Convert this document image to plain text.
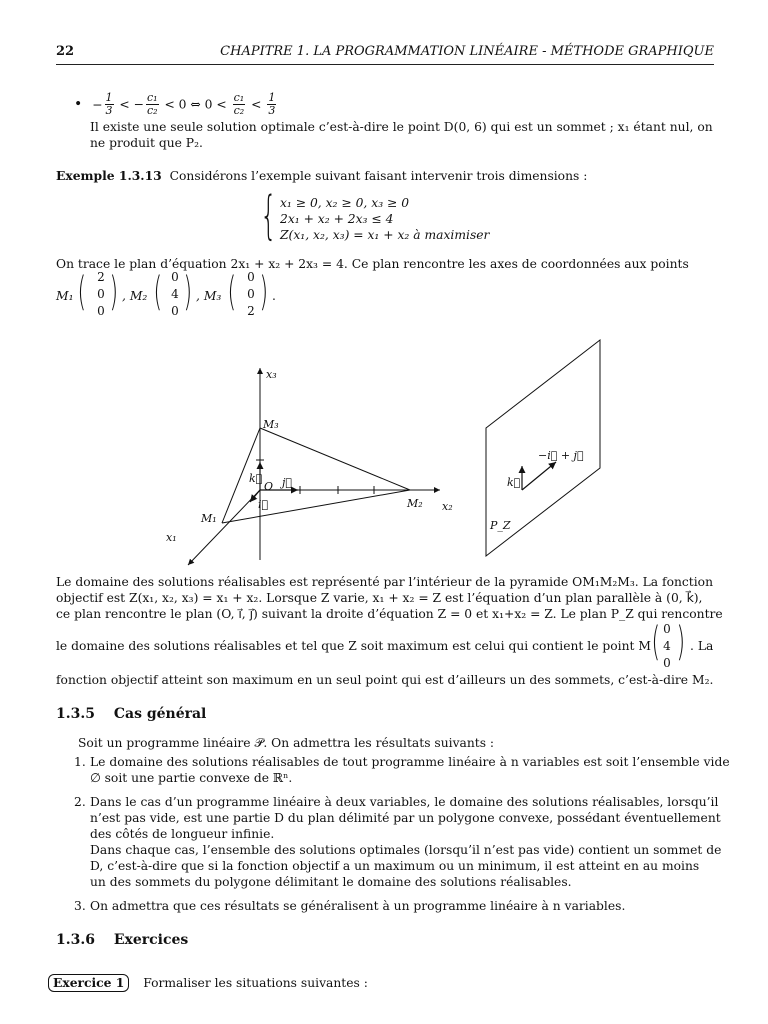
22	CHAPITRE 1. LA PROGRAMMATION LINÉAIRE - MÉTHODE GRAPHIQUE
• − $\frac{1}{3}$ < − $\frac{\text{c₁}}{\text{c₂}} < 0$ ⇔ $0 < \frac{\text{c₁}}{\text{c₂}} < \frac{1}{3}$
Il existe une seule solution optimale c’est-à-dire le point D(0, 6) qui est un sommet ; x₁ étant nul, on
ne produit que P₂.
Exemple 1.3.13 Considérons l’exemple suivant faisant intervenir trois dimensions :
{ x₁ ≥ 0, x₂ ≥ 0, x₃ ≥ 0
2x₁ + x₂ + 2x₃ ≤ 4
Z(x₁, x₂, x₃) = x₁ + x₂ à maximiser
On trace le plan d’équation 2x₁ + x₂ + 2x₃ = 4. Ce plan rencontre les axes de coordonnées aux points
M₁ ( 2
0
0 ) , M₂ ( 0
4
0 ) , M₃ ( 0
0
2 ) .
x₃
M₃
k⃗
O j⃗
i⃗
M₁
x₁
M₂ x₂
−i⃗ + j⃗
k⃗
P_Z
Le domaine des solutions réalisables est représenté par l’intérieur de la pyramide OM₁M₂M₃. La fonction
objectif est Z(x₁, x₂, x₃) = x₁ + x₂. Lorsque Z varie, x₁ + x₂ = Z est l’équation d’un plan parallèle à (0, k⃗),
ce plan rencontre le plan (O, i⃗, j⃗) suivant la droite d’équation Z = 0 et x₁+x₂ = Z. Le plan P_Z qui rencontre
le domaine des solutions réalisables et tel que Z soit maximum est celui qui contient le point M ( 0
4
0 ) . La
fonction objectif atteint son maximum en un seul point qui est d’ailleurs un des sommets, c’est-à-dire M₂.
1.3.5 Cas général
Soit un programme linéaire 𝒫. On admettra les résultats suivants :
1. Le domaine des solutions réalisables de tout programme linéaire à n variables est soit l’ensemble vide
∅ soit une partie convexe de ℝⁿ.
2. Dans le cas d’un programme linéaire à deux variables, le domaine des solutions réalisables, lorsqu’il
n’est pas vide, est une partie D du plan délimité par un polygone convexe, possédant éventuellement
des côtés de longueur infinie.
Dans chaque cas, l’ensemble des solutions optimales (lorsqu’il n’est pas vide) contient un sommet de
D, c’est-à-dire que si la fonction objectif a un maximum ou un minimum, il est atteint en au moins
un des sommets du polygone délimitant le domaine des solutions réalisables.
3. On admettra que ces résultats se généralisent à un programme linéaire à n variables.
1.3.6 Exercices
Exercice 1 Formaliser les situations suivantes :
